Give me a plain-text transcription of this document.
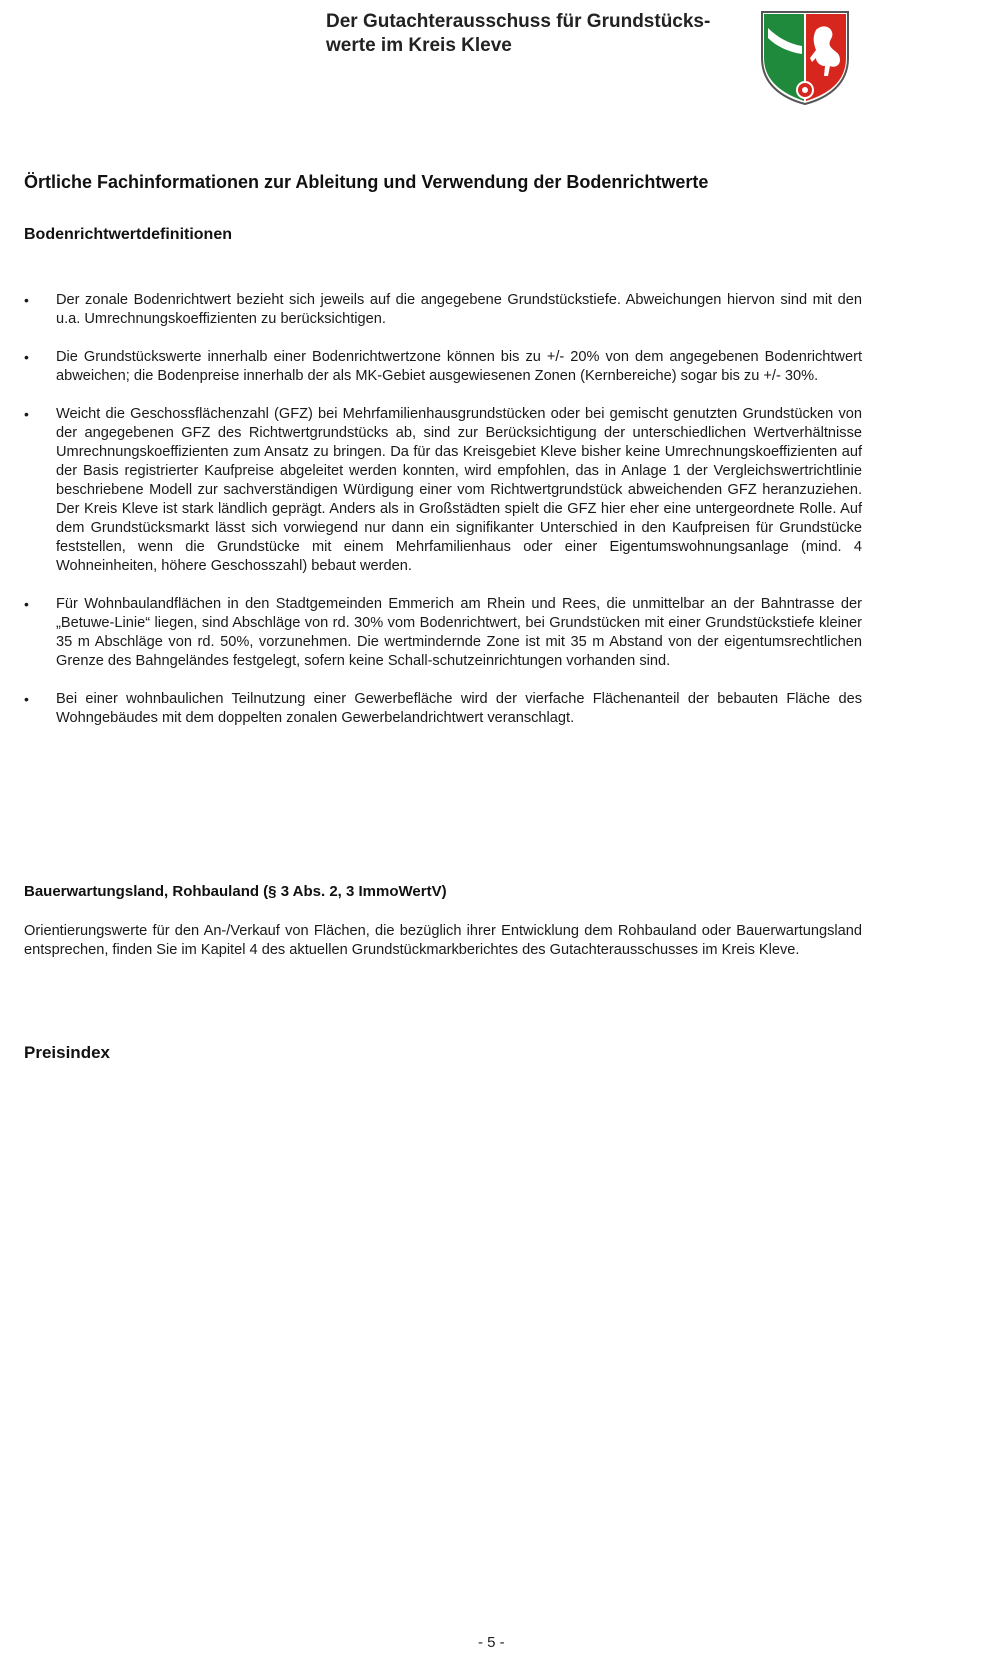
Der Gutachterausschuss für Grundstücks-
werte im Kreis Kleve
Örtliche Fachinformationen zur Ableitung und Verwendung der Bodenrichtwerte
Bodenrichtwertdefinitionen
• Der zonale Bodenrichtwert bezieht sich jeweils auf die angegebene Grundstückstiefe. Abweichungen hiervon sind mit den u.a. Umrechnungskoeffizienten zu berücksichtigen.
• Die Grundstückswerte innerhalb einer Bodenrichtwertzone können bis zu +/- 20% von dem angegebenen Bodenrichtwert abweichen; die Bodenpreise innerhalb der als MK-Gebiet ausgewiesenen Zonen (Kernbereiche) sogar bis zu +/- 30%.
• Weicht die Geschossflächenzahl (GFZ) bei Mehrfamilienhausgrundstücken oder bei gemischt genutzten Grundstücken von der angegebenen GFZ des Richtwertgrundstücks ab, sind zur Berücksichtigung der unterschiedlichen Wertverhältnisse Umrechnungskoeffizienten zum Ansatz zu bringen. Da für das Kreisgebiet Kleve bisher keine Umrechnungskoeffizienten auf der Basis registrierter Kaufpreise abgeleitet werden konnten, wird empfohlen, das in Anlage 1 der Vergleichswertrichtlinie beschriebene Modell zur sachverständigen Würdigung einer vom Richtwertgrundstück abweichenden GFZ heranzuziehen. Der Kreis Kleve ist stark ländlich geprägt. Anders als in Großstädten spielt die GFZ hier eher eine untergeordnete Rolle. Auf dem Grundstücksmarkt lässt sich vorwiegend nur dann ein signifikanter Unterschied in den Kaufpreisen für Grundstücke feststellen, wenn die Grundstücke mit einem Mehrfamilienhaus oder einer Eigentumswohnungsanlage (mind. 4 Wohneinheiten, höhere Geschosszahl) bebaut werden.
• Für Wohnbaulandflächen in den Stadtgemeinden Emmerich am Rhein und Rees, die unmittelbar an der Bahntrasse der „Betuwe-Linie“ liegen, sind Abschläge von rd. 30% vom Bodenrichtwert, bei Grundstücken mit einer Grundstückstiefe kleiner 35 m Abschläge von rd. 50%, vorzunehmen. Die wertmindernde Zone ist mit 35 m Abstand von der eigentumsrechtlichen Grenze des Bahngeländes festgelegt, sofern keine Schall-schutzeinrichtungen vorhanden sind.
• Bei einer wohnbaulichen Teilnutzung einer Gewerbefläche wird der vierfache Flächenanteil der bebauten Fläche des Wohngebäudes mit dem doppelten zonalen Gewerbelandrichtwert veranschlagt.
Bauerwartungsland, Rohbauland (§ 3 Abs. 2, 3 ImmoWertV)
Orientierungswerte für den An-/Verkauf von Flächen, die bezüglich ihrer Entwicklung dem Rohbauland oder Bauerwartungsland entsprechen, finden Sie im Kapitel 4 des aktuellen Grundstückmarkberichtes des Gutachterausschusses im Kreis Kleve.
Preisindex
- 5 -
